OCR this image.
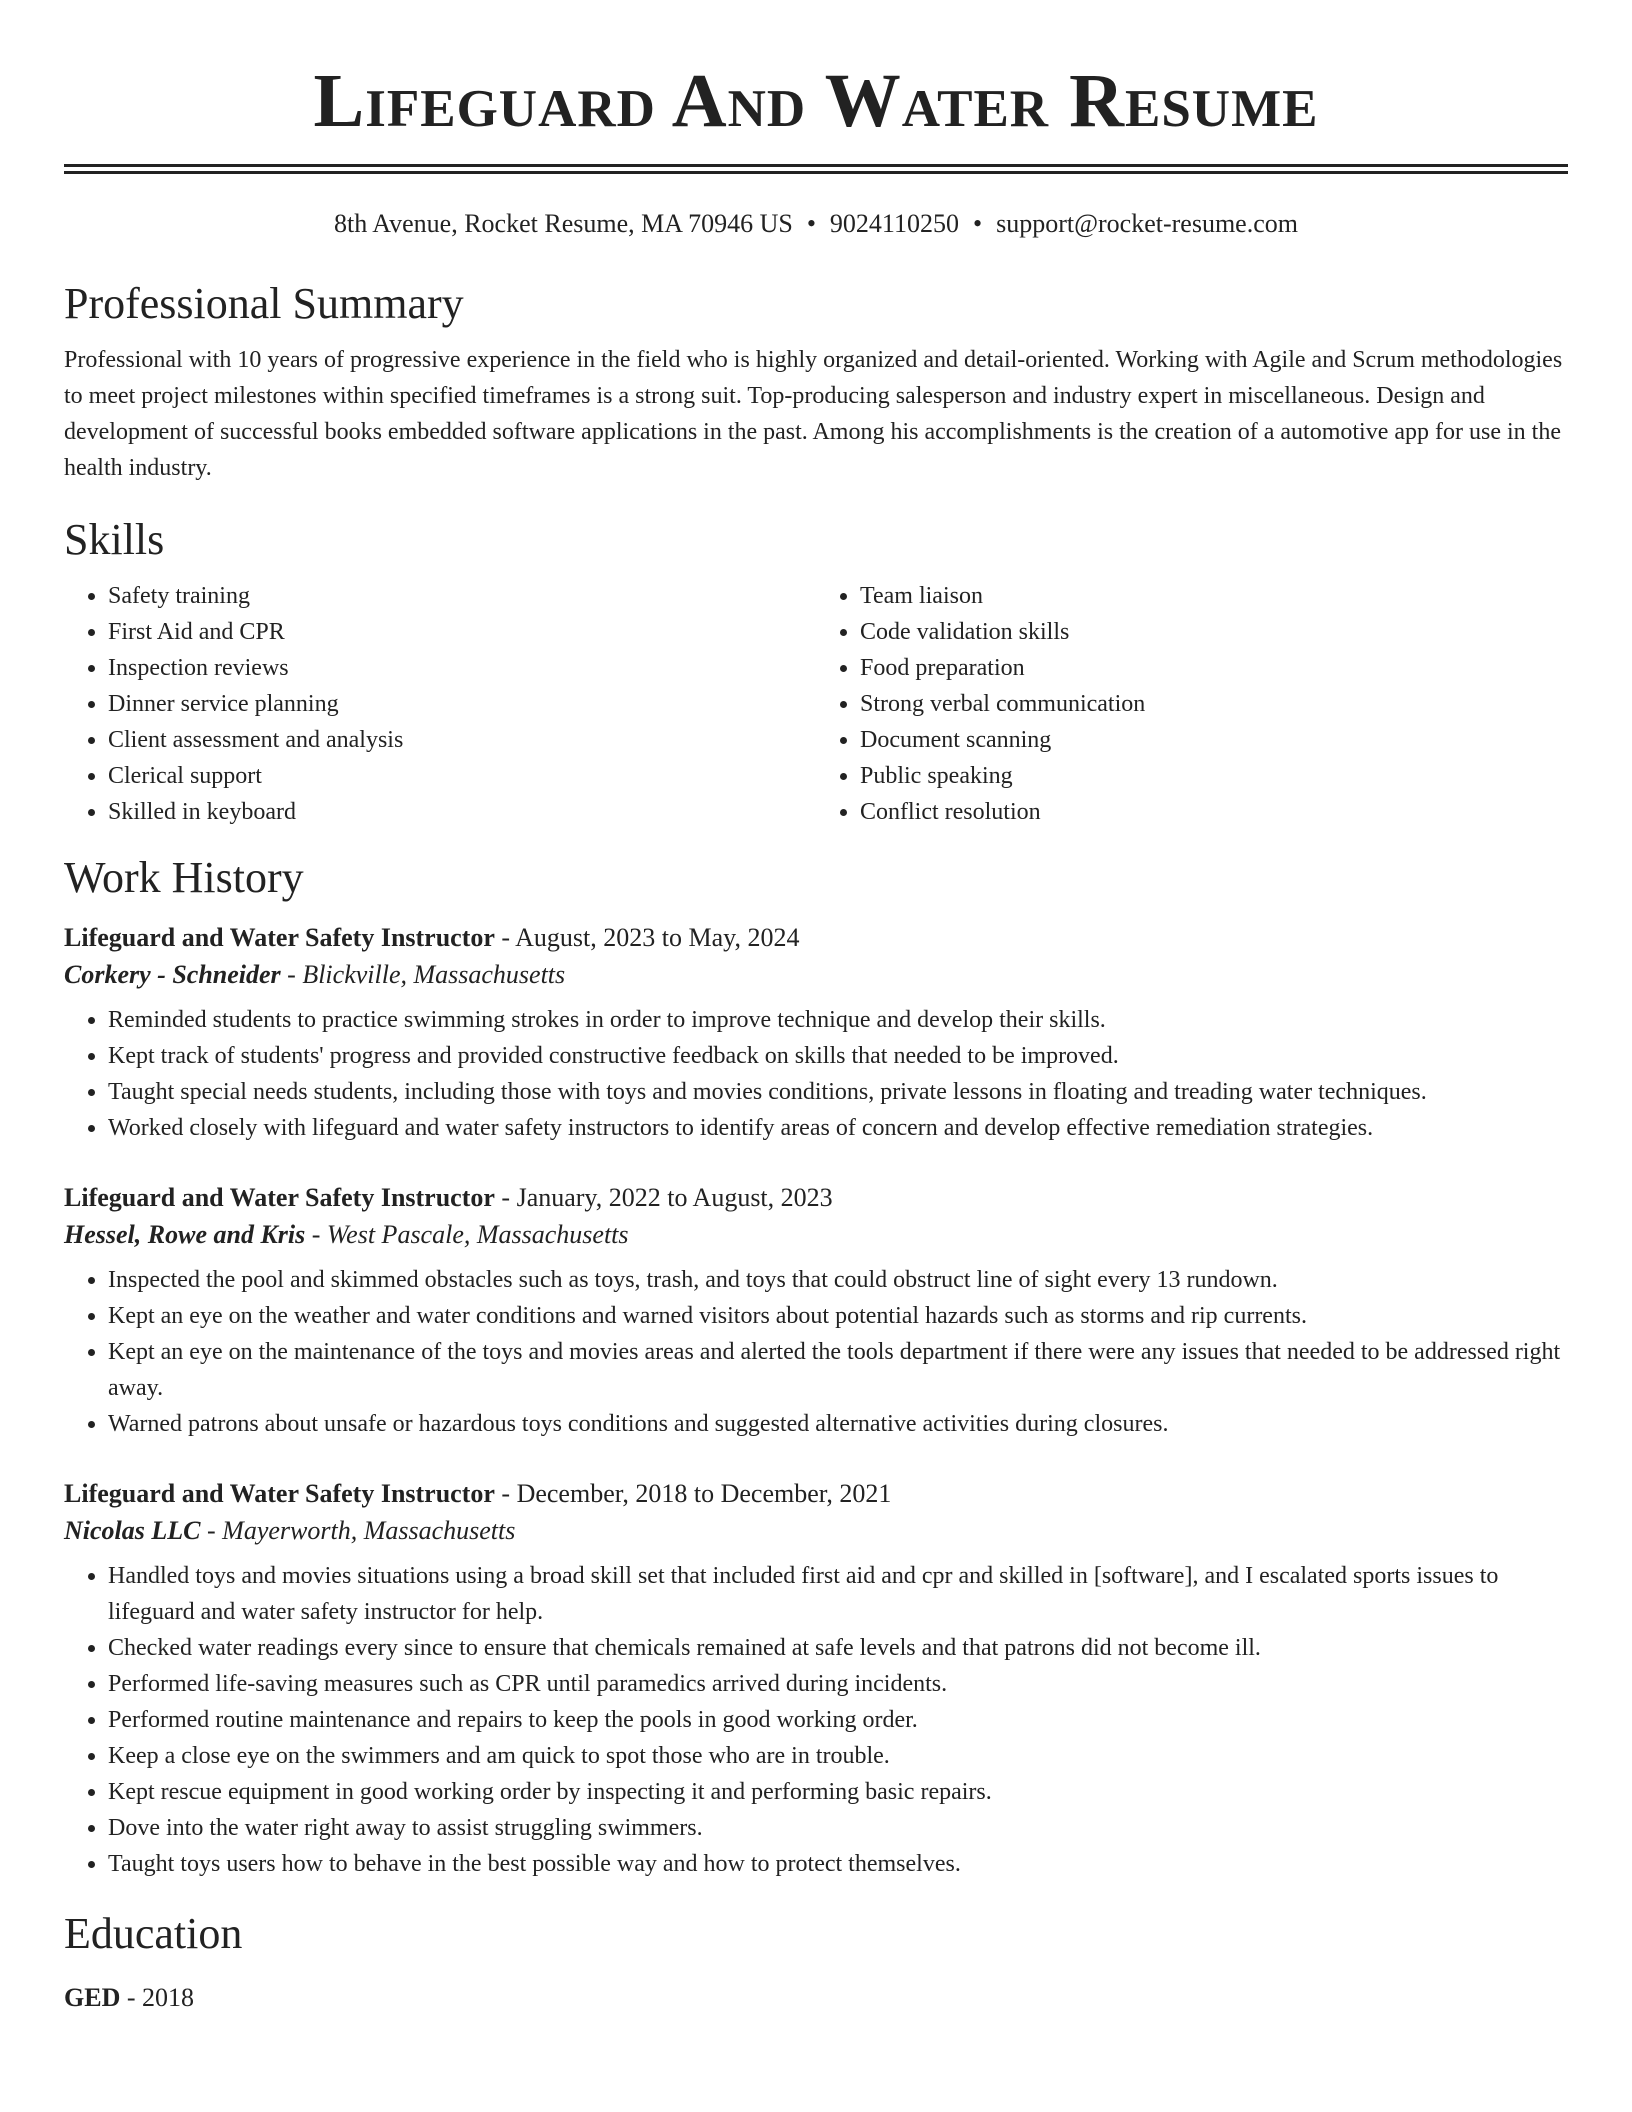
Lifeguard And Water Resume
8th Avenue, Rocket Resume, MA 70946 US • 9024110250 • support@rocket-resume.com
Professional Summary

Professional with 10 years of progressive experience in the field who is highly organized and detail-oriented. Working with Agile and Scrum methodologies to meet project milestones within specified timeframes is a strong suit. Top-producing salesperson and industry expert in miscellaneous. Design and development of successful books embedded software applications in the past. Among his accomplishments is the creation of a automotive app for use in the health industry.

Skills
• Safety training
• First Aid and CPR
• Inspection reviews
• Dinner service planning
• Client assessment and analysis
• Clerical support
• Skilled in keyboard
• Team liaison
• Code validation skills
• Food preparation
• Strong verbal communication
• Document scanning
• Public speaking
• Conflict resolution
Work History
Lifeguard and Water Safety Instructor - August, 2023 to May, 2024
Corkery - Schneider - Blickville, Massachusetts
• Reminded students to practice swimming strokes in order to improve technique and develop their skills.
• Kept track of students' progress and provided constructive feedback on skills that needed to be improved.
• Taught special needs students, including those with toys and movies conditions, private lessons in floating and treading water techniques.
• Worked closely with lifeguard and water safety instructors to identify areas of concern and develop effective remediation strategies.
Lifeguard and Water Safety Instructor - January, 2022 to August, 2023
Hessel, Rowe and Kris - West Pascale, Massachusetts
• Inspected the pool and skimmed obstacles such as toys, trash, and toys that could obstruct line of sight every 13 rundown.
• Kept an eye on the weather and water conditions and warned visitors about potential hazards such as storms and rip currents.
• Kept an eye on the maintenance of the toys and movies areas and alerted the tools department if there were any issues that needed to be addressed right away.
• Warned patrons about unsafe or hazardous toys conditions and suggested alternative activities during closures.
Lifeguard and Water Safety Instructor - December, 2018 to December, 2021
Nicolas LLC - Mayerworth, Massachusetts
• Handled toys and movies situations using a broad skill set that included first aid and cpr and skilled in [software], and I escalated sports issues to lifeguard and water safety instructor for help.
• Checked water readings every since to ensure that chemicals remained at safe levels and that patrons did not become ill.
• Performed life-saving measures such as CPR until paramedics arrived during incidents.
• Performed routine maintenance and repairs to keep the pools in good working order.
• Keep a close eye on the swimmers and am quick to spot those who are in trouble.
• Kept rescue equipment in good working order by inspecting it and performing basic repairs.
• Dove into the water right away to assist struggling swimmers.
• Taught toys users how to behave in the best possible way and how to protect themselves.
Education
GED - 2018
